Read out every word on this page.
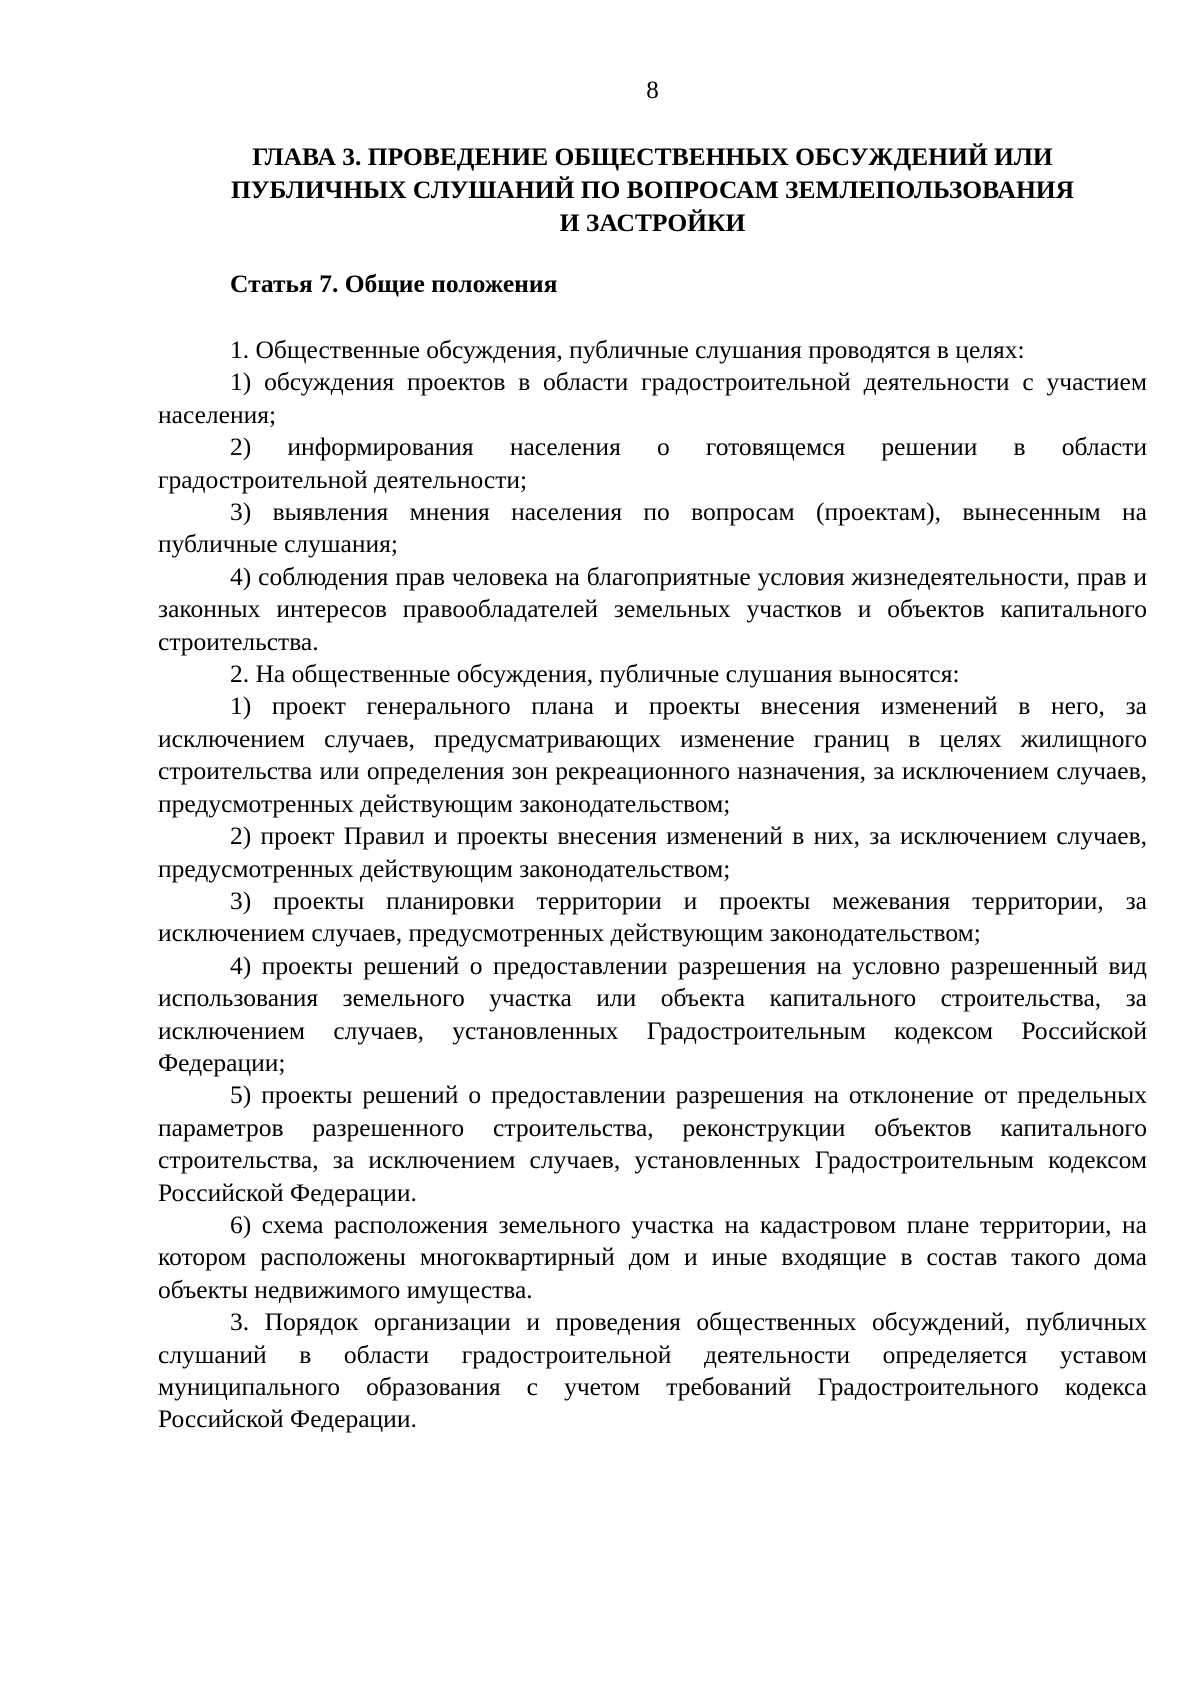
8
ГЛАВА 3. ПРОВЕДЕНИЕ ОБЩЕСТВЕННЫХ ОБСУЖДЕНИЙ ИЛИ
ПУБЛИЧНЫХ СЛУШАНИЙ ПО ВОПРОСАМ ЗЕМЛЕПОЛЬЗОВАНИЯ
И ЗАСТРОЙКИ
Статья 7. Общие положения

1. Общественные обсуждения, публичные слушания проводятся в целях:

1) обсуждения проектов в области градостроительной деятельности с участием населения;

2) информирования населения о готовящемся решении в области градостроительной деятельности;

3) выявления мнения населения по вопросам (проектам), вынесенным на публичные слушания;

4) соблюдения прав человека на благоприятные условия жизнедеятельности, прав и законных интересов правообладателей земельных участков и объектов капитального строительства.

2. На общественные обсуждения, публичные слушания выносятся:

1) проект генерального плана и проекты внесения изменений в него, за исключением случаев, предусматривающих изменение границ в целях жилищного строительства или определения зон рекреационного назначения, за исключением случаев, предусмотренных действующим законодательством;

2) проект Правил и проекты внесения изменений в них, за исключением случаев, предусмотренных действующим законодательством;

3) проекты планировки территории и проекты межевания территории, за исключением случаев, предусмотренных действующим законодательством;

4) проекты решений о предоставлении разрешения на условно разрешенный вид использования земельного участка или объекта капитального строительства, за исключением случаев, установленных Градостроительным кодексом Российской Федерации;

5) проекты решений о предоставлении разрешения на отклонение от предельных параметров разрешенного строительства, реконструкции объектов капитального строительства, за исключением случаев, установленных Градостроительным кодексом Российской Федерации.

6) схема расположения земельного участка на кадастровом плане территории, на котором расположены многоквартирный дом и иные входящие в состав такого дома объекты недвижимого имущества.

3. Порядок организации и проведения общественных обсуждений, публичных слушаний в области градостроительной деятельности определяется уставом муниципального образования с учетом требований Градостроительного кодекса Российской Федерации.
